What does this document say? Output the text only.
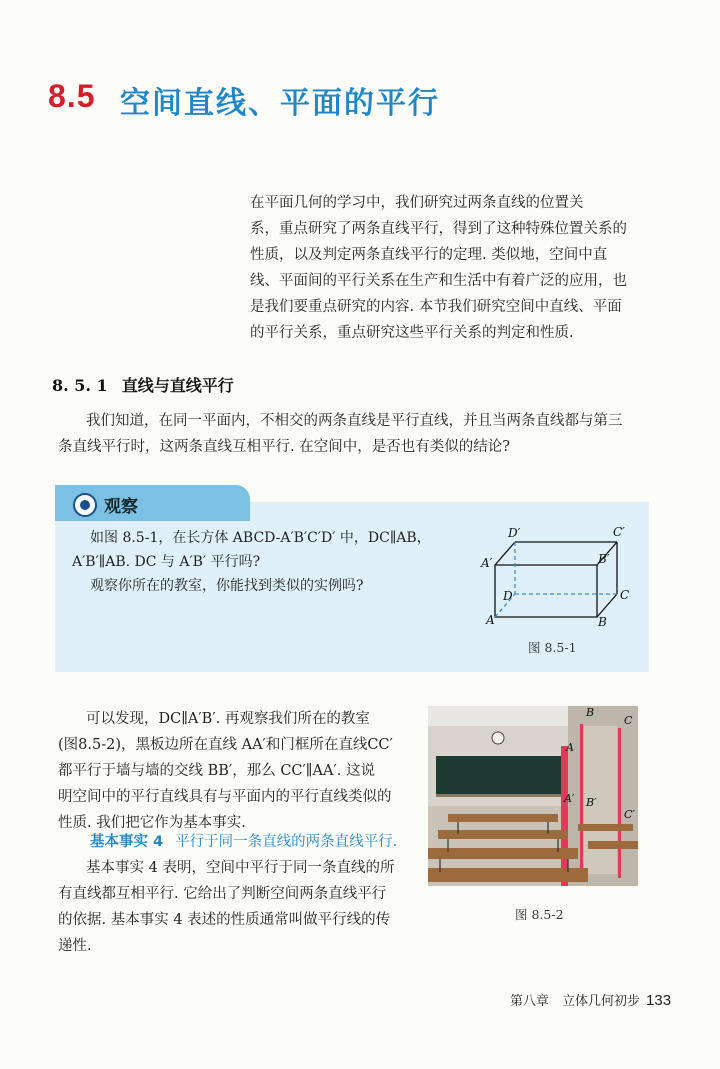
8.5 空间直线、平面的平行
在平面几何的学习中，我们研究过两条直线的位置关
系，重点研究了两条直线平行，得到了这种特殊位置关系的
性质，以及判定两条直线平行的定理. 类似地，空间中直
线、平面间的平行关系在生产和生活中有着广泛的应用，也
是我们要重点研究的内容. 本节我们研究空间中直线、平面
的平行关系，重点研究这些平行关系的判定和性质.
8. 5. 1 直线与直线平行
我们知道，在同一平面内，不相交的两条直线是平行直线，并且当两条直线都与第三
条直线平行时，这两条直线互相平行. 在空间中，是否也有类似的结论?
观察
如图 8.5-1，在长方体 ABCD-A′B′C′D′ 中，DC∥AB，
A′B′∥AB. DC 与 A′B′ 平行吗?
观察你所在的教室，你能找到类似的实例吗?
D′	C′
A′	B′
D	C
A	B
图 8.5-1
可以发现，DC∥A′B′. 再观察我们所在的教室
(图8.5-2)，黑板边所在直线 AA′和门框所在直线CC′
都平行于墙与墙的交线 BB′，那么 CC′∥AA′. 这说
明空间中的平行直线具有与平面内的平行直线类似的
性质. 我们把它作为基本事实.
基本事实 4 平行于同一条直线的两条直线平行.
基本事实 4 表明，空间中平行于同一条直线的所
有直线都互相平行. 它给出了判断空间两条直线平行
的依据. 基本事实 4 表述的性质通常叫做平行线的传
递性.
B
C
A
A′ B′
C′
图 8.5-2
第八章　立体几何初步 133
